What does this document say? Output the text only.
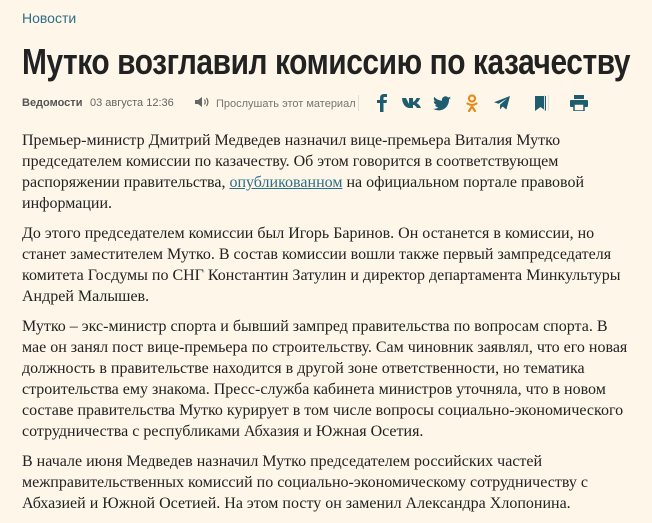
Новости
Мутко возглавил комиссию по казачеству
Ведомости 03 августа 12:36	Прослушать этот материал

Премьер-министр Дмитрий Медведев назначил вице-премьера Виталия Мутко председателем комиссии по казачеству. Об этом говорится в соответствующем распоряжении правительства, опубликованном на официальном портале правовой информации.

До этого председателем комиссии был Игорь Баринов. Он останется в комиссии, но станет заместителем Мутко. В состав комиссии вошли также первый зампредседателя комитета Госдумы по СНГ Константин Затулин и директор департамента Минкультуры Андрей Малышев.

Мутко – экс-министр спорта и бывший зампред правительства по вопросам спорта. В мае он занял пост вице-премьера по строительству. Сам чиновник заявлял, что его новая должность в правительстве находится в другой зоне ответственности, но тематика строительства ему знакома. Пресс-служба кабинета министров уточняла, что в новом составе правительства Мутко курирует в том числе вопросы социально-экономического сотрудничества с республиками Абхазия и Южная Осетия.

В начале июня Медведев назначил Мутко председателем российских частей межправительственных комиссий по социально-экономическому сотрудничеству с Абхазией и Южной Осетией. На этом посту он заменил Александра Хлопонина.
